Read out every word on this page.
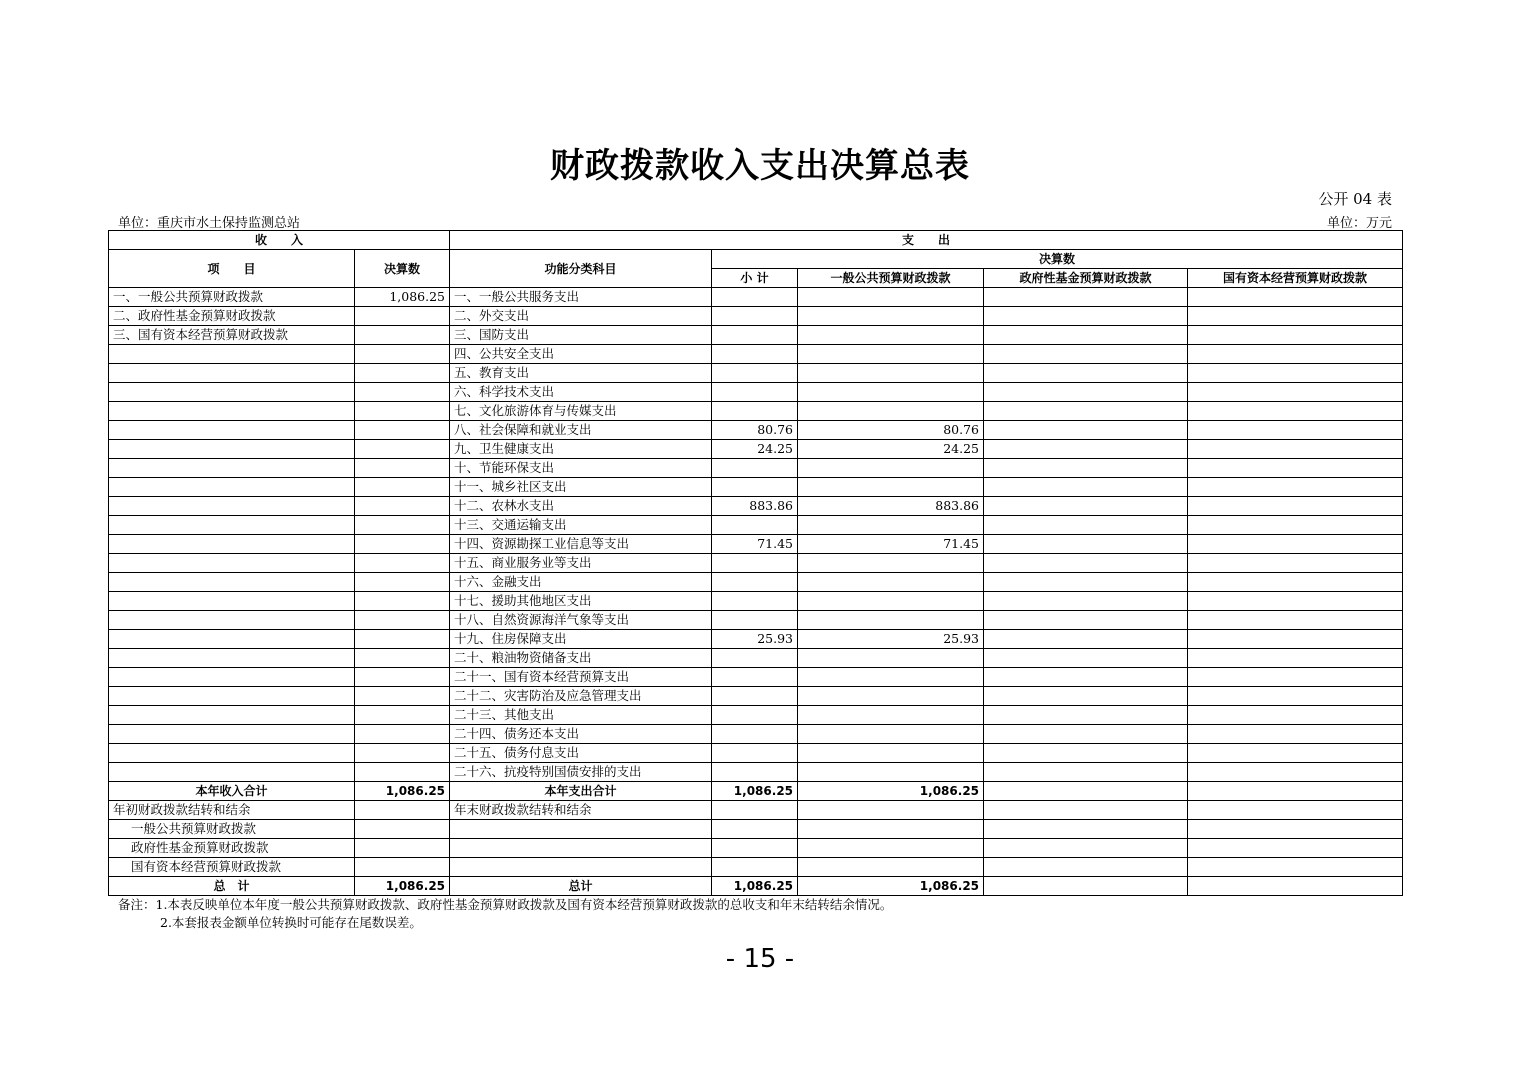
财政拨款收入支出决算总表
公开 04 表
单位：重庆市水土保持监测总站	单位：万元
收　　入		支　　出				
项　　目	决算数	功能分类科目	决算数			
			小 计	一般公共预算财政拨款	政府性基金预算财政拨款	国有资本经营预算财政拨款
一、一般公共预算财政拨款	1,086.25	一、一般公共服务支出				
二、政府性基金预算财政拨款		二、外交支出				
三、国有资本经营预算财政拨款		三、国防支出				
		四、公共安全支出				
		五、教育支出				
		六、科学技术支出				
		七、文化旅游体育与传媒支出				
		八、社会保障和就业支出	80.76	80.76		
		九、卫生健康支出	24.25	24.25		
		十、节能环保支出				
		十一、城乡社区支出				
		十二、农林水支出	883.86	883.86		
		十三、交通运输支出				
		十四、资源勘探工业信息等支出	71.45	71.45		
		十五、商业服务业等支出				
		十六、金融支出				
		十七、援助其他地区支出				
		十八、自然资源海洋气象等支出				
		十九、住房保障支出	25.93	25.93		
		二十、粮油物资储备支出				
		二十一、国有资本经营预算支出				
		二十二、灾害防治及应急管理支出				
		二十三、其他支出				
		二十四、债务还本支出				
		二十五、债务付息支出				
		二十六、抗疫特别国债安排的支出				
本年收入合计	1,086.25	本年支出合计	1,086.25	1,086.25		
年初财政拨款结转和结余		年末财政拨款结转和结余				
一般公共预算财政拨款						
政府性基金预算财政拨款						
国有资本经营预算财政拨款						
总　计	1,086.25	总计	1,086.25	1,086.25		
备注：1.本表反映单位本年度一般公共预算财政拨款、政府性基金预算财政拨款及国有资本经营预算财政拨款的总收支和年末结转结余情况。
2.本套报表金额单位转换时可能存在尾数误差。
- 15 -
